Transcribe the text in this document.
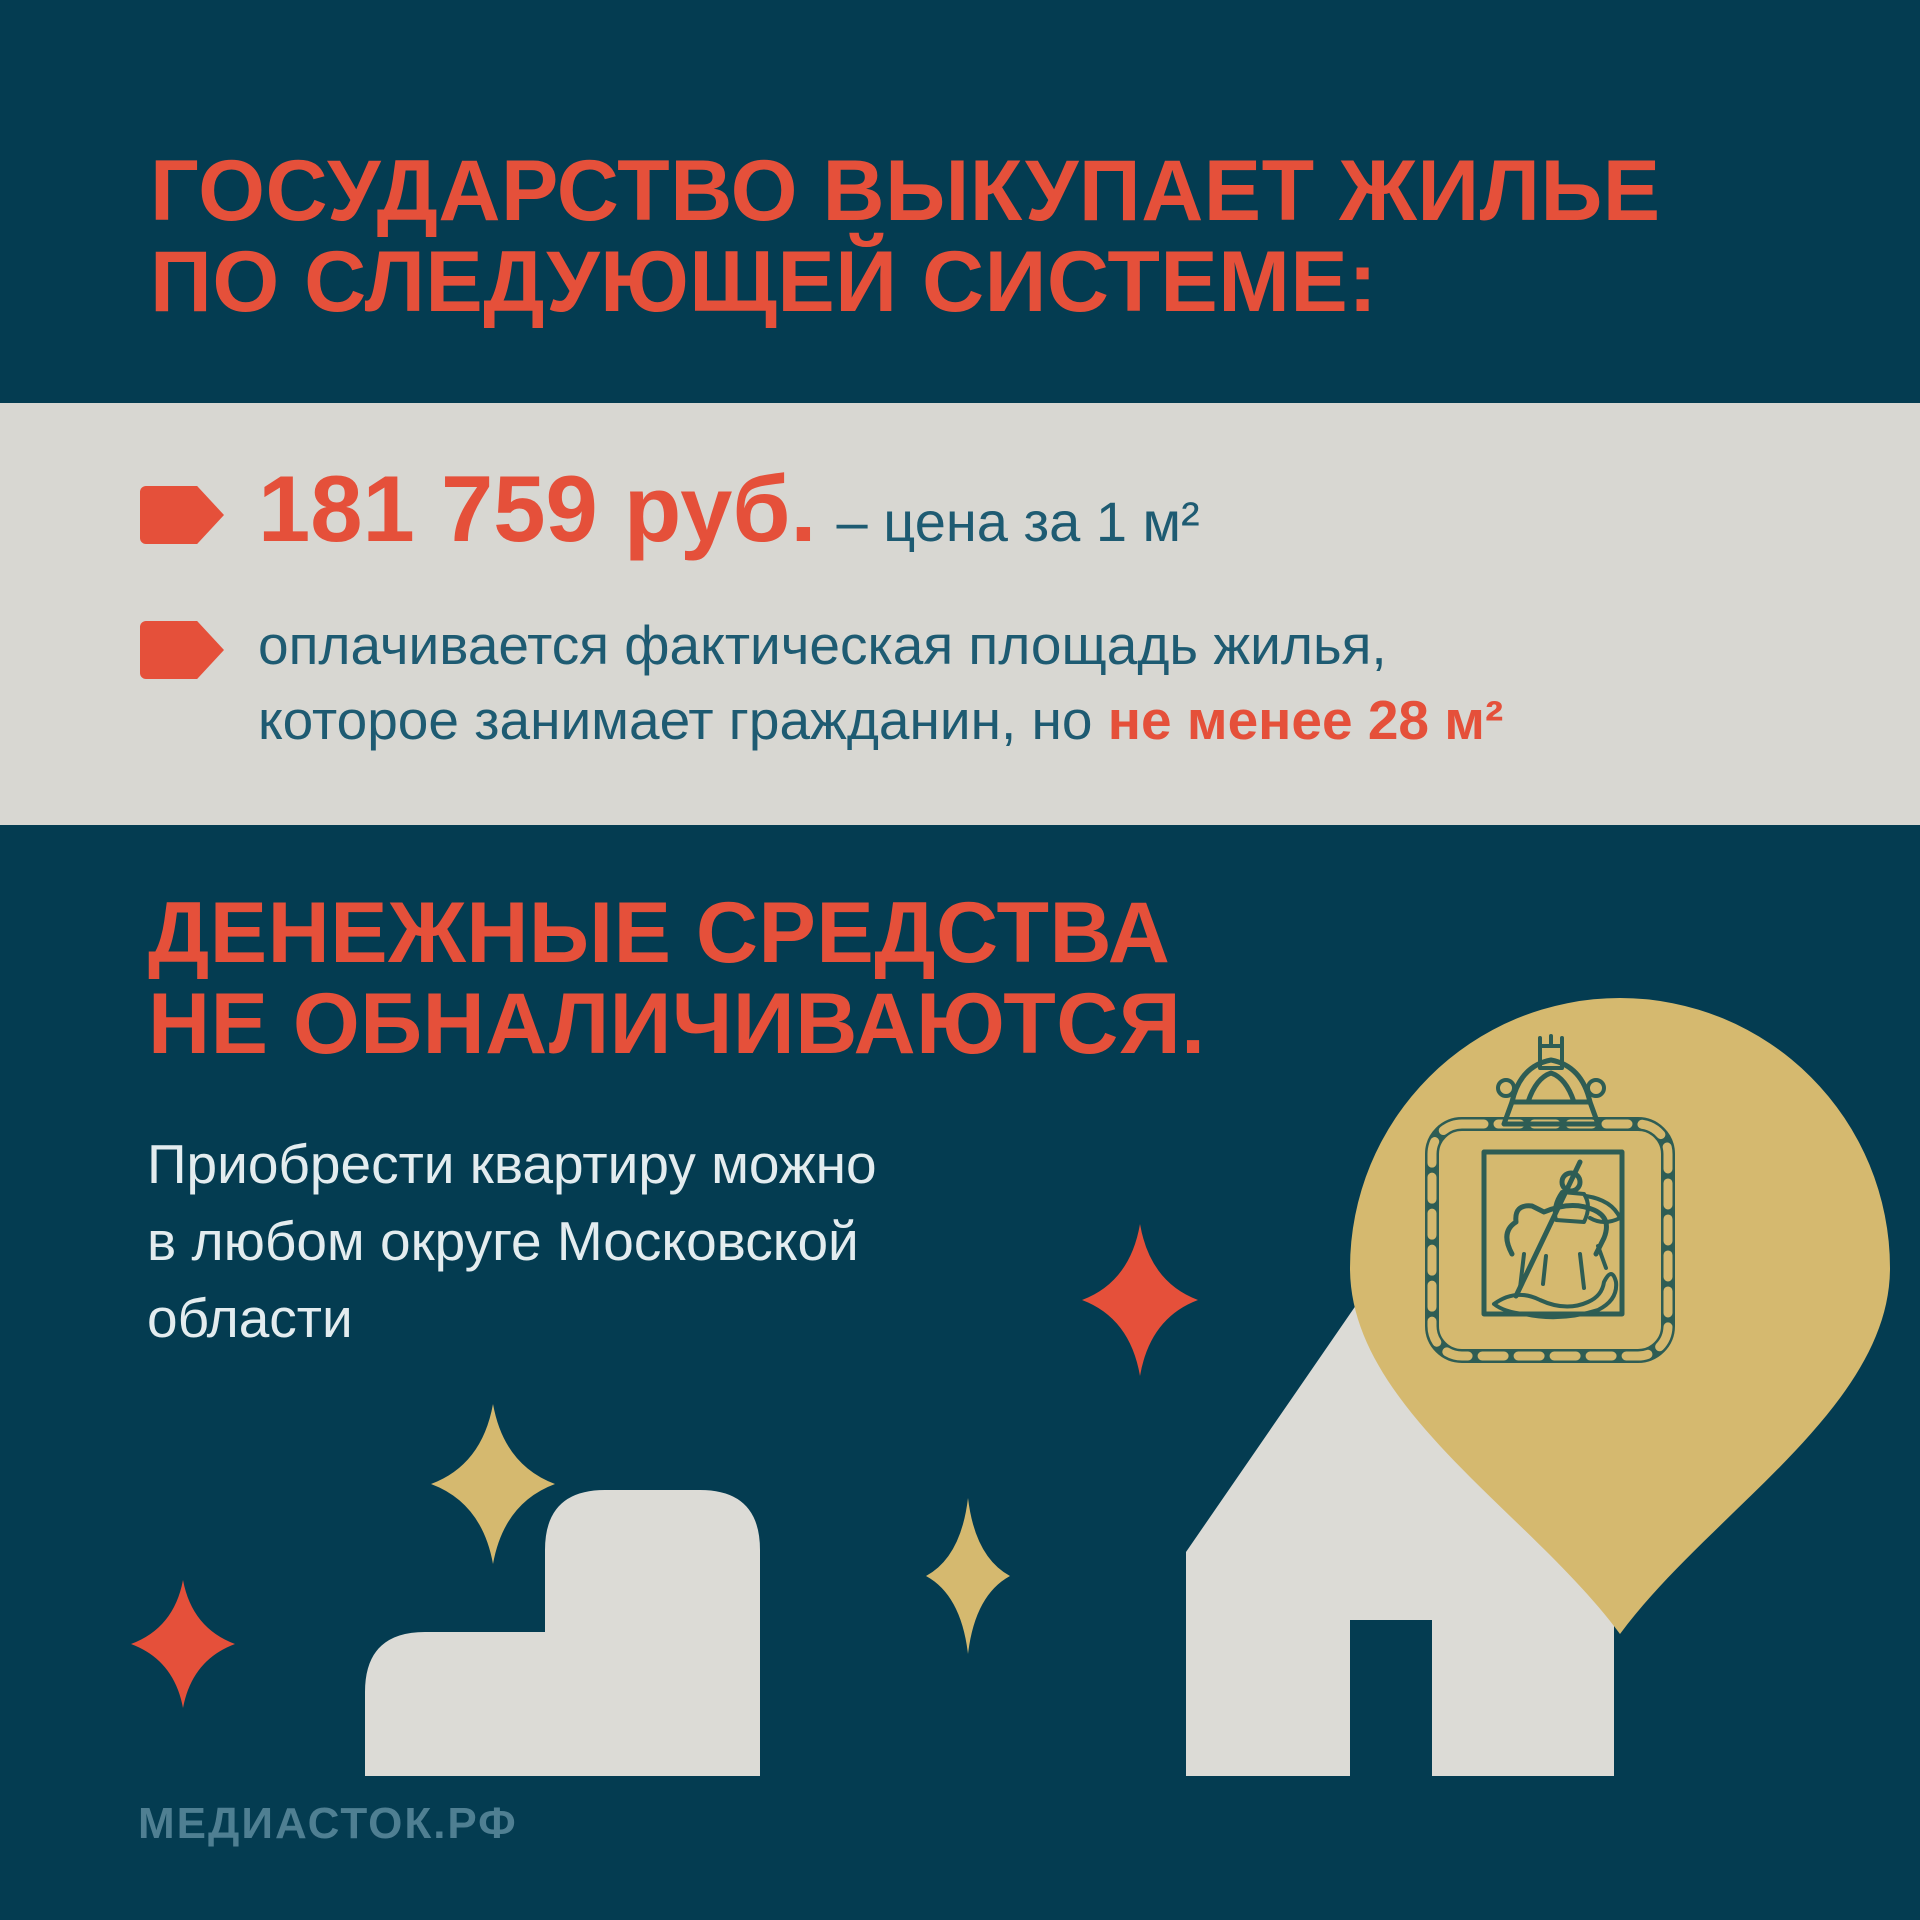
ГОСУДАРСТВО ВЫКУПАЕТ ЖИЛЬЕ
ПО СЛЕДУЮЩЕЙ СИСТЕМЕ:
181 759 руб. – цена за 1 м²
оплачивается фактическая площадь жилья,
которое занимает гражданин, но не менее 28 м²
ДЕНЕЖНЫЕ СРЕДСТВА
НЕ ОБНАЛИЧИВАЮТСЯ.
Приобрести квартиру можно
в любом округе Московской
области
МЕДИАСТОК.РФ
